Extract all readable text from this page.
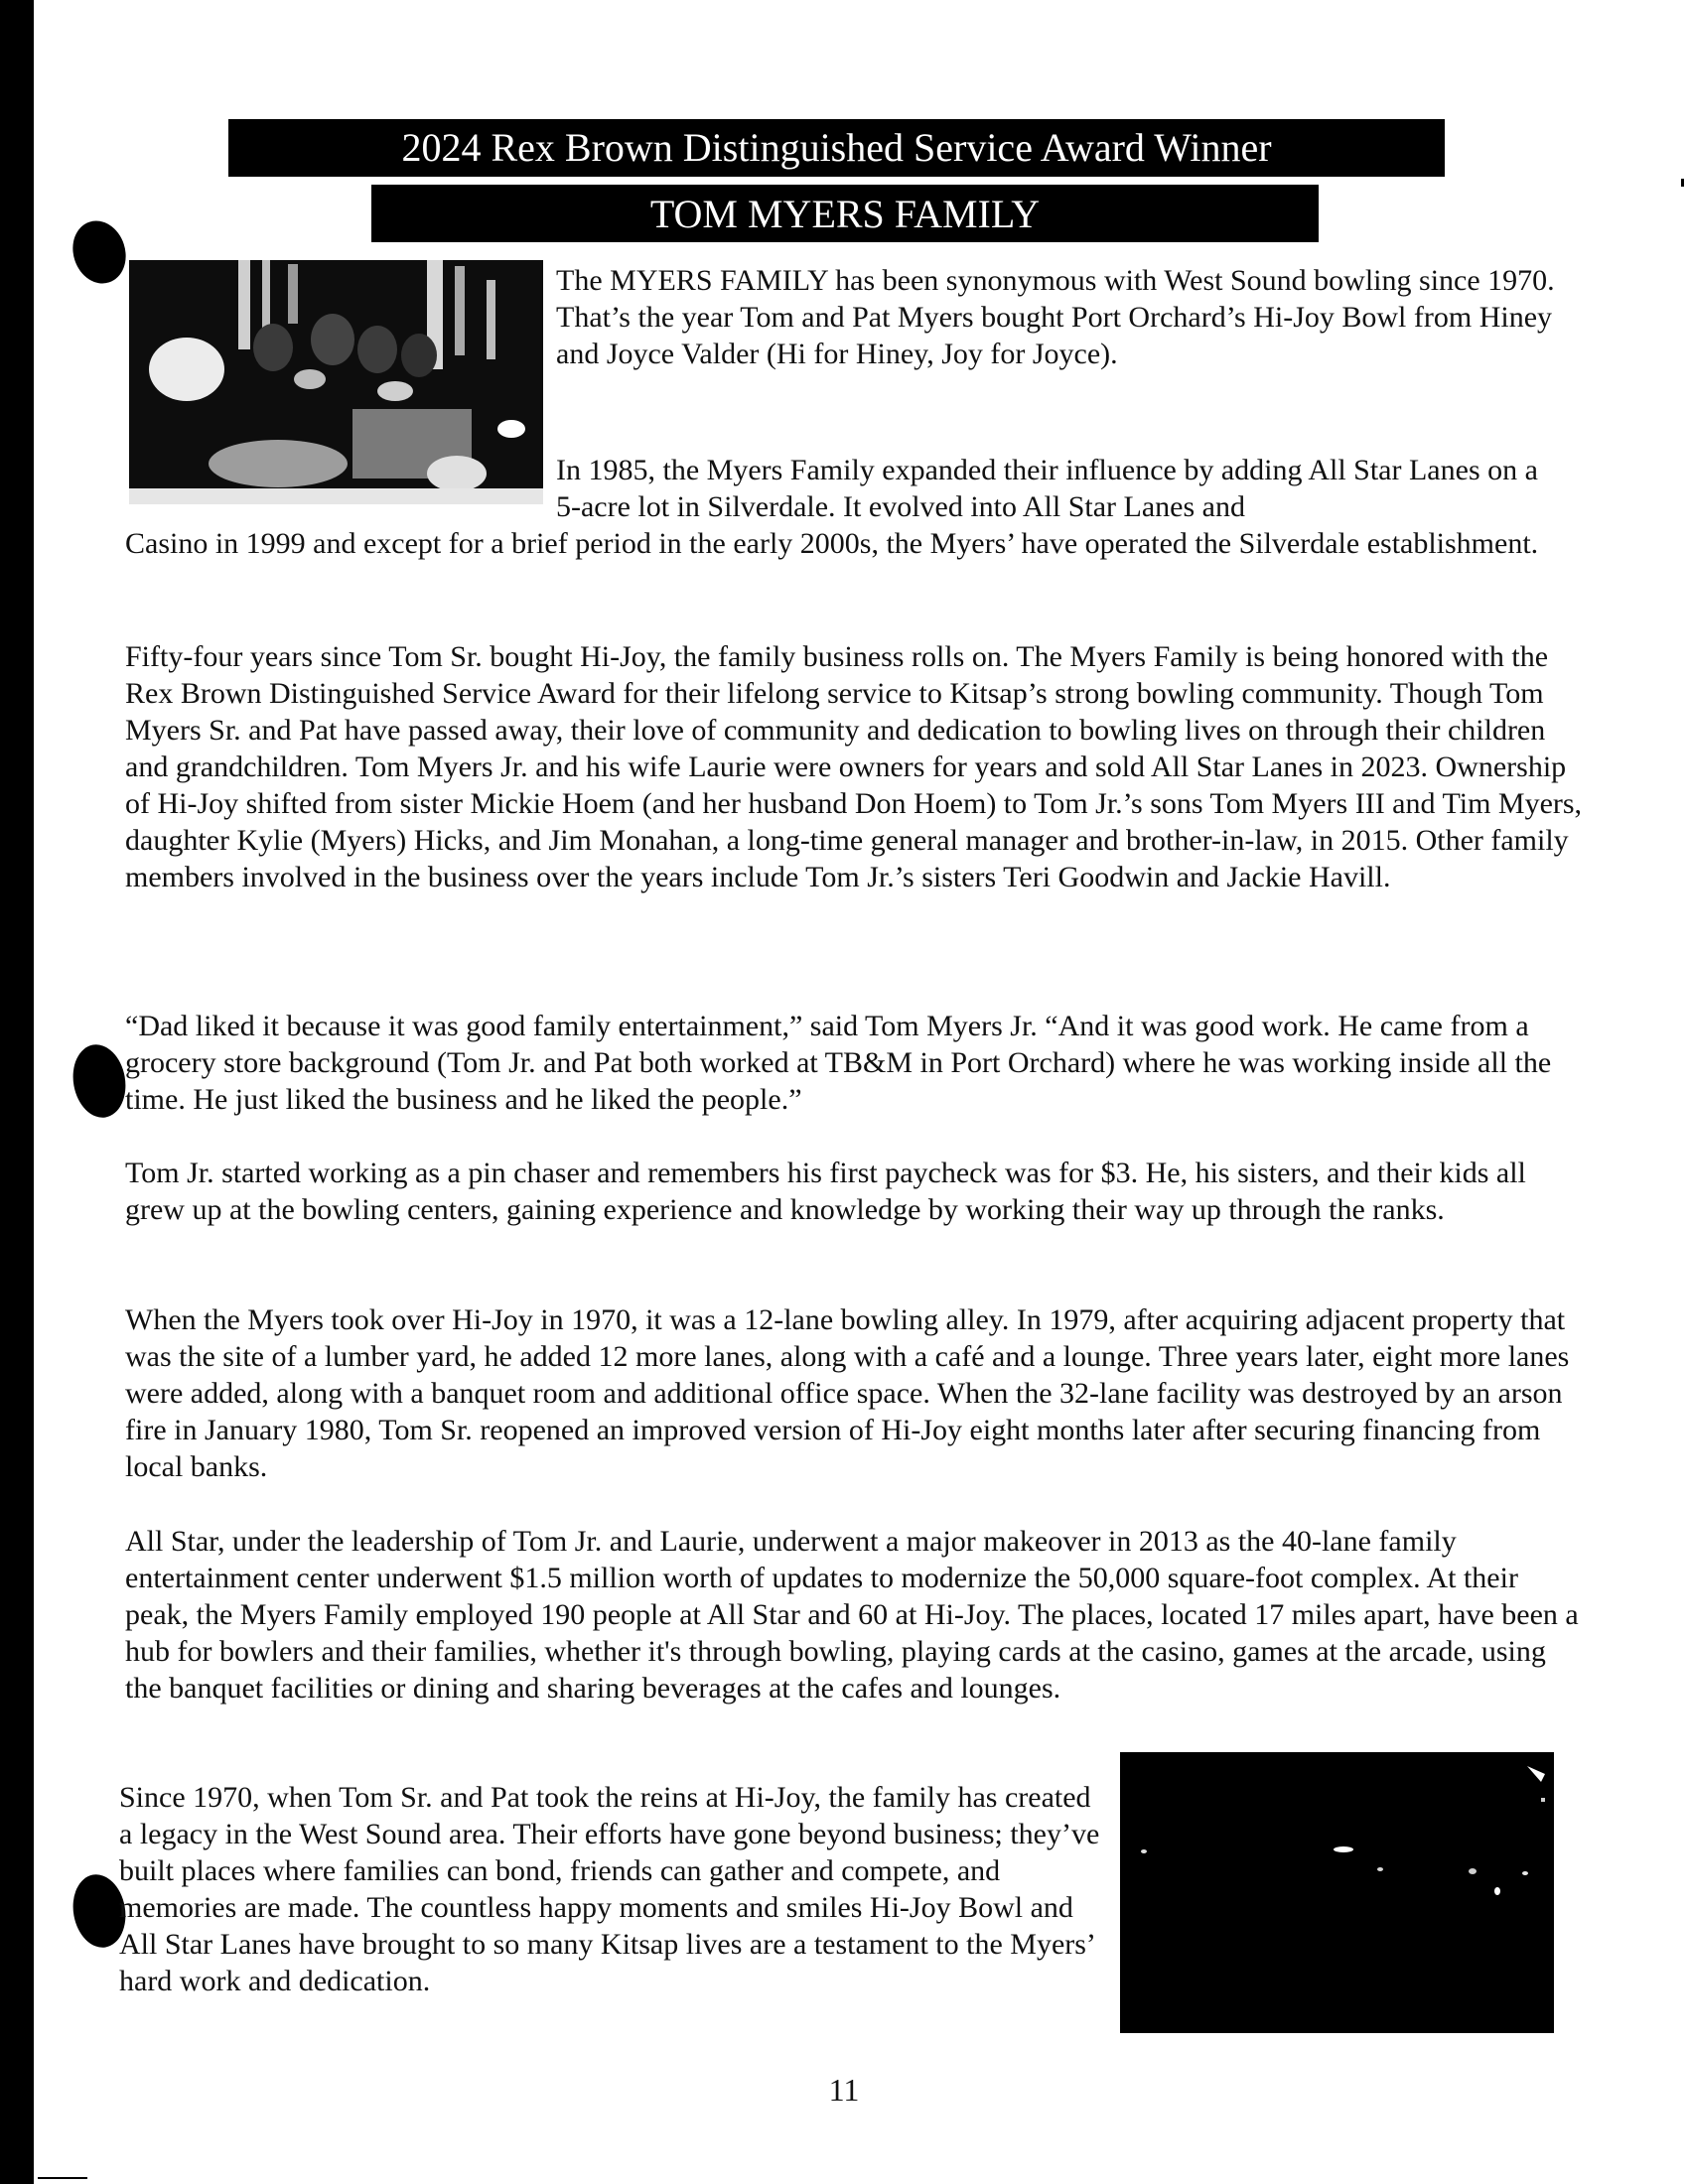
2024 Rex Brown Distinguished Service Award Winner
TOM MYERS FAMILY

The MYERS FAMILY has been synonymous with West Sound bowling since 1970. That’s the year Tom and Pat Myers bought Port Orchard’s Hi-Joy Bowl from Hiney and Joyce Valder (Hi for Hiney, Joy for Joyce).

In 1985, the Myers Family expanded their influence by adding All Star Lanes on a 5-acre lot in Silverdale. It evolved into All Star Lanes and

Casino in 1999 and except for a brief period in the early 2000s, the Myers’ have operated the Silverdale establishment.

Fifty-four years since Tom Sr. bought Hi-Joy, the family business rolls on. The Myers Family is being honored with the Rex Brown Distinguished Service Award for their lifelong service to Kitsap’s strong bowling community. Though Tom Myers Sr. and Pat have passed away, their love of community and dedication to bowling lives on through their children and grandchildren. Tom Myers Jr. and his wife Laurie were owners for years and sold All Star Lanes in 2023. Ownership of Hi-Joy shifted from sister Mickie Hoem (and her husband Don Hoem) to Tom Jr.’s sons Tom Myers III and Tim Myers, daughter Kylie (Myers) Hicks, and Jim Monahan, a long-time general manager and brother-in-law, in 2015. Other family members involved in the business over the years include Tom Jr.’s sisters Teri Goodwin and Jackie Havill.

“Dad liked it because it was good family entertainment,” said Tom Myers Jr. “And it was good work. He came from a grocery store background (Tom Jr. and Pat both worked at TB&M in Port Orchard) where he was working inside all the time. He just liked the business and he liked the people.”

Tom Jr. started working as a pin chaser and remembers his first paycheck was for $3. He, his sisters, and their kids all grew up at the bowling centers, gaining experience and knowledge by working their way up through the ranks.

When the Myers took over Hi-Joy in 1970, it was a 12-lane bowling alley. In 1979, after acquiring adjacent property that was the site of a lumber yard, he added 12 more lanes, along with a café and a lounge. Three years later, eight more lanes were added, along with a banquet room and additional office space. When the 32-lane facility was destroyed by an arson fire in January 1980, Tom Sr. reopened an improved version of Hi-Joy eight months later after securing financing from local banks.

All Star, under the leadership of Tom Jr. and Laurie, underwent a major makeover in 2013 as the 40-lane family entertainment center underwent $1.5 million worth of updates to modernize the 50,000 square-foot complex. At their peak, the Myers Family employed 190 people at All Star and 60 at Hi-Joy. The places, located 17 miles apart, have been a hub for bowlers and their families, whether it's through bowling, playing cards at the casino, games at the arcade, using the banquet facilities or dining and sharing beverages at the cafes and lounges.

Since 1970, when Tom Sr. and Pat took the reins at Hi-Joy, the family has created a legacy in the West Sound area. Their efforts have gone beyond business; they’ve built places where families can bond, friends can gather and compete, and memories are made. The countless happy moments and smiles Hi-Joy Bowl and All Star Lanes have brought to so many Kitsap lives are a testament to the Myers’ hard work and dedication.

11
